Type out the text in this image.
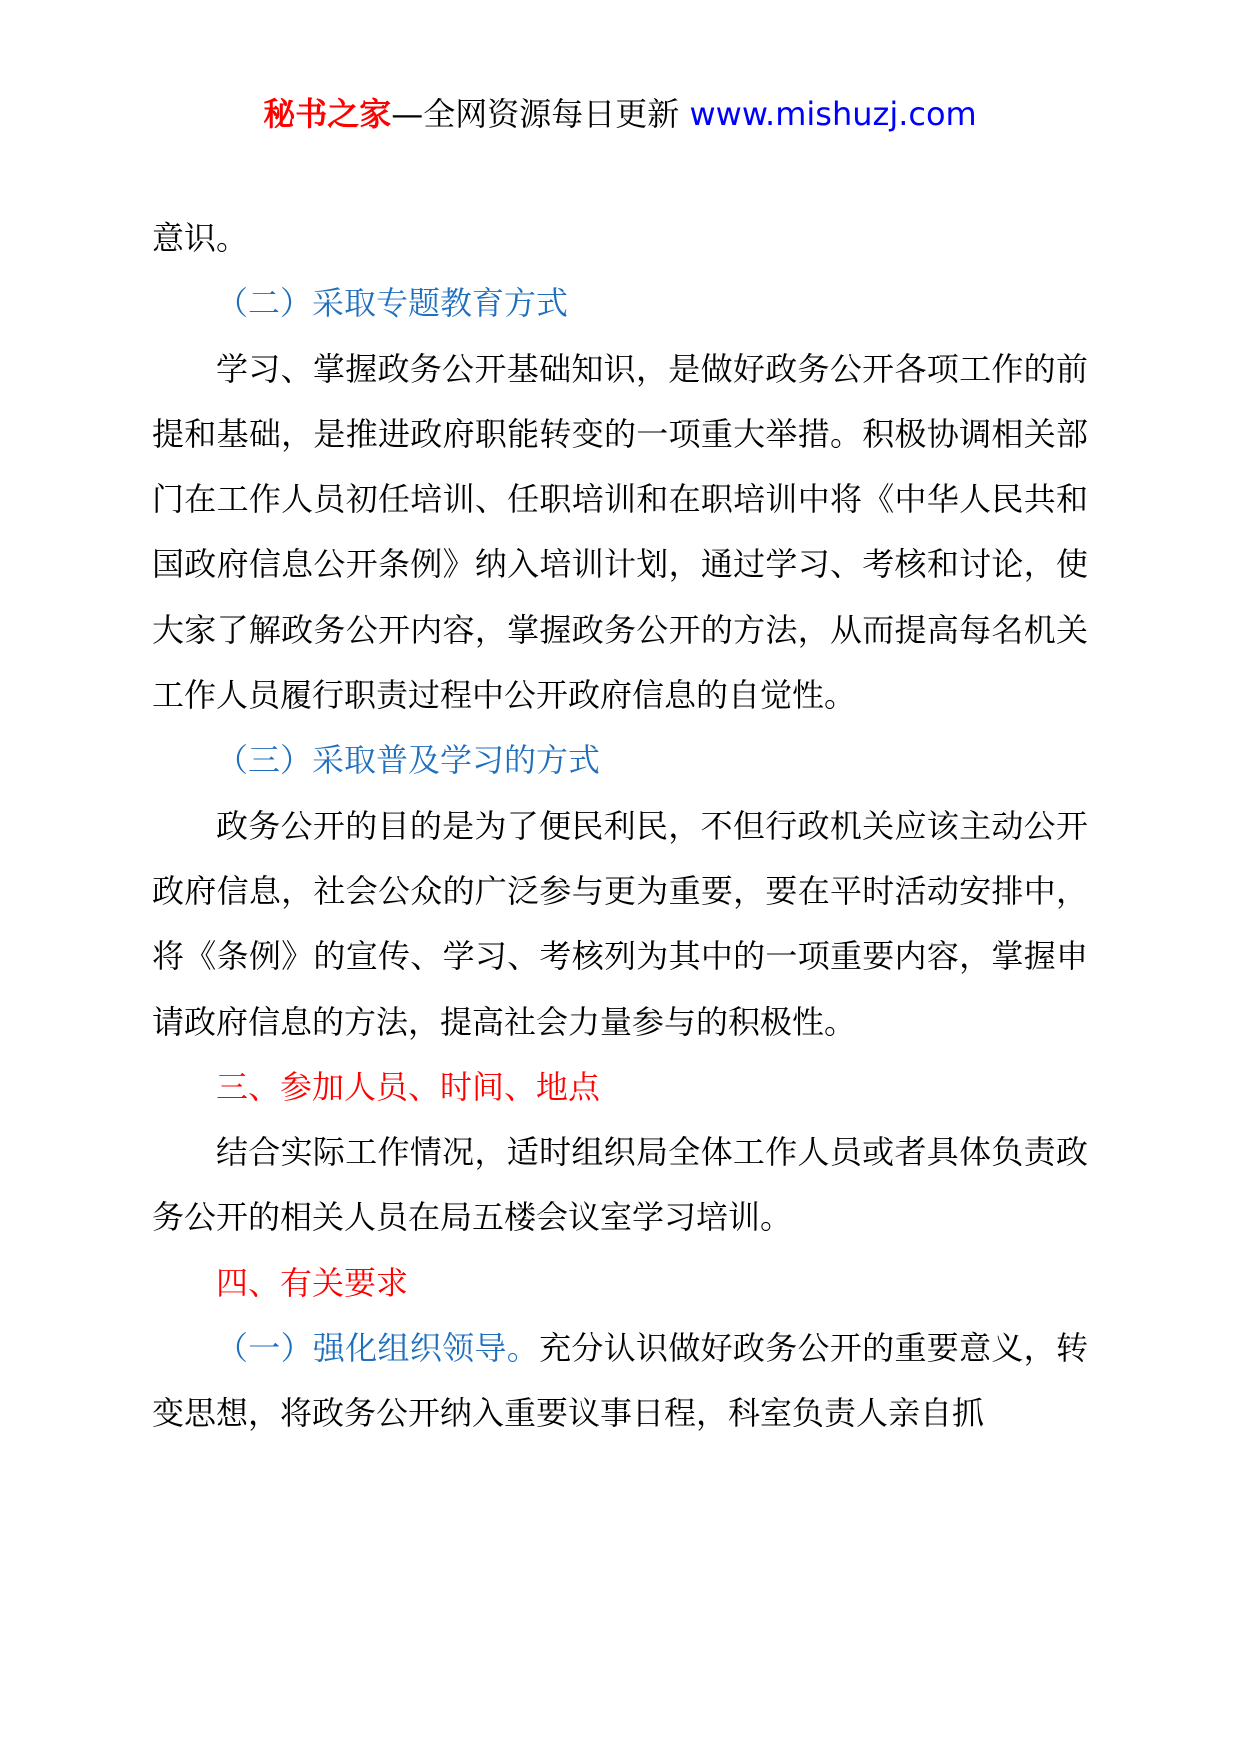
秘书之家—全网资源每日更新 www.mishuzj.com

意识。

（二）采取专题教育方式

学习、掌握政务公开基础知识，是做好政务公开各项工作的前提和基础，是推进政府职能转变的一项重大举措。积极协调相关部门在工作人员初任培训、任职培训和在职培训中将《中华人民共和国政府信息公开条例》纳入培训计划，通过学习、考核和讨论，使大家了解政务公开内容，掌握政务公开的方法，从而提高每名机关工作人员履行职责过程中公开政府信息的自觉性。

（三）采取普及学习的方式

政务公开的目的是为了便民利民，不但行政机关应该主动公开政府信息，社会公众的广泛参与更为重要，要在平时活动安排中，将《条例》的宣传、学习、考核列为其中的一项重要内容，掌握申请政府信息的方法，提高社会力量参与的积极性。

三、参加人员、时间、地点

结合实际工作情况，适时组织局全体工作人员或者具体负责政务公开的相关人员在局五楼会议室学习培训。

四、有关要求

（一）强化组织领导。充分认识做好政务公开的重要意义，转变思想，将政务公开纳入重要议事日程，科室负责人亲自抓
